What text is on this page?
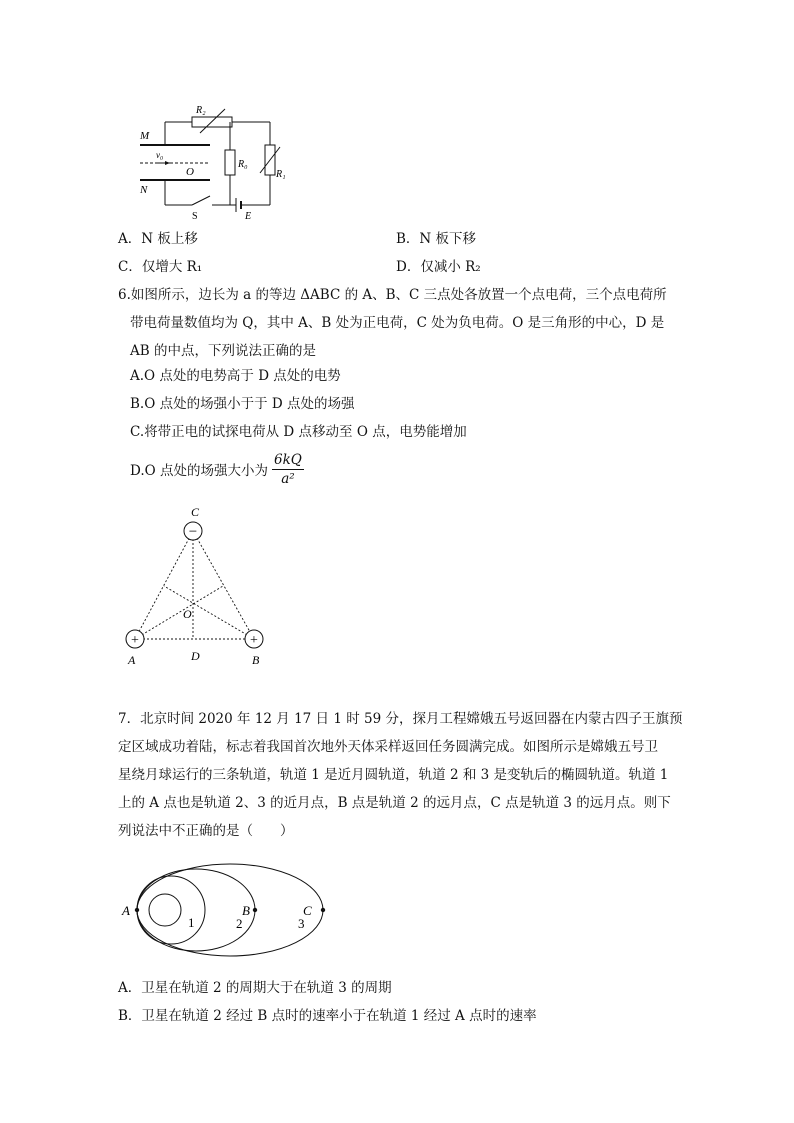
M
N
O
v₀
R₂
R₀
R₁
S	E
A．N 板上移	B．N 板下移
C．仅增大 R₁	D．仅减小 R₂
6.如图所示，边长为 a 的等边 ΔABC 的 A、B、C 三点处各放置一个点电荷，三个点电荷所
带电荷量数值均为 Q，其中 A、B 处为正电荷，C 处为负电荷。O 是三角形的中心，D 是
AB 的中点，下列说法正确的是
A.O 点处的电势高于 D 点处的电势
B.O 点处的场强小于于 D 点处的场强
C.将带正电的试探电荷从 D 点移动至 O 点，电势能增加
D.O 点处的场强大小为 $\frac{6kQ}{\text{a²}}$
−
+	+
C
O
A	B
D
7．北京时间 2020 年 12 月 17 日 1 时 59 分，探月工程嫦娥五号返回器在内蒙古四子王旗预
定区域成功着陆，标志着我国首次地外天体采样返回任务圆满完成。如图所示是嫦娥五号卫
星绕月球运行的三条轨道，轨道 1 是近月圆轨道，轨道 2 和 3 是变轨后的椭圆轨道。轨道 1
上的 A 点也是轨道 2、3 的近月点，B 点是轨道 2 的远月点，C 点是轨道 3 的远月点。则下
列说法中不正确的是（　　）
A	B	C
1	2	3
A．卫星在轨道 2 的周期大于在轨道 3 的周期
B．卫星在轨道 2 经过 B 点时的速率小于在轨道 1 经过 A 点时的速率
